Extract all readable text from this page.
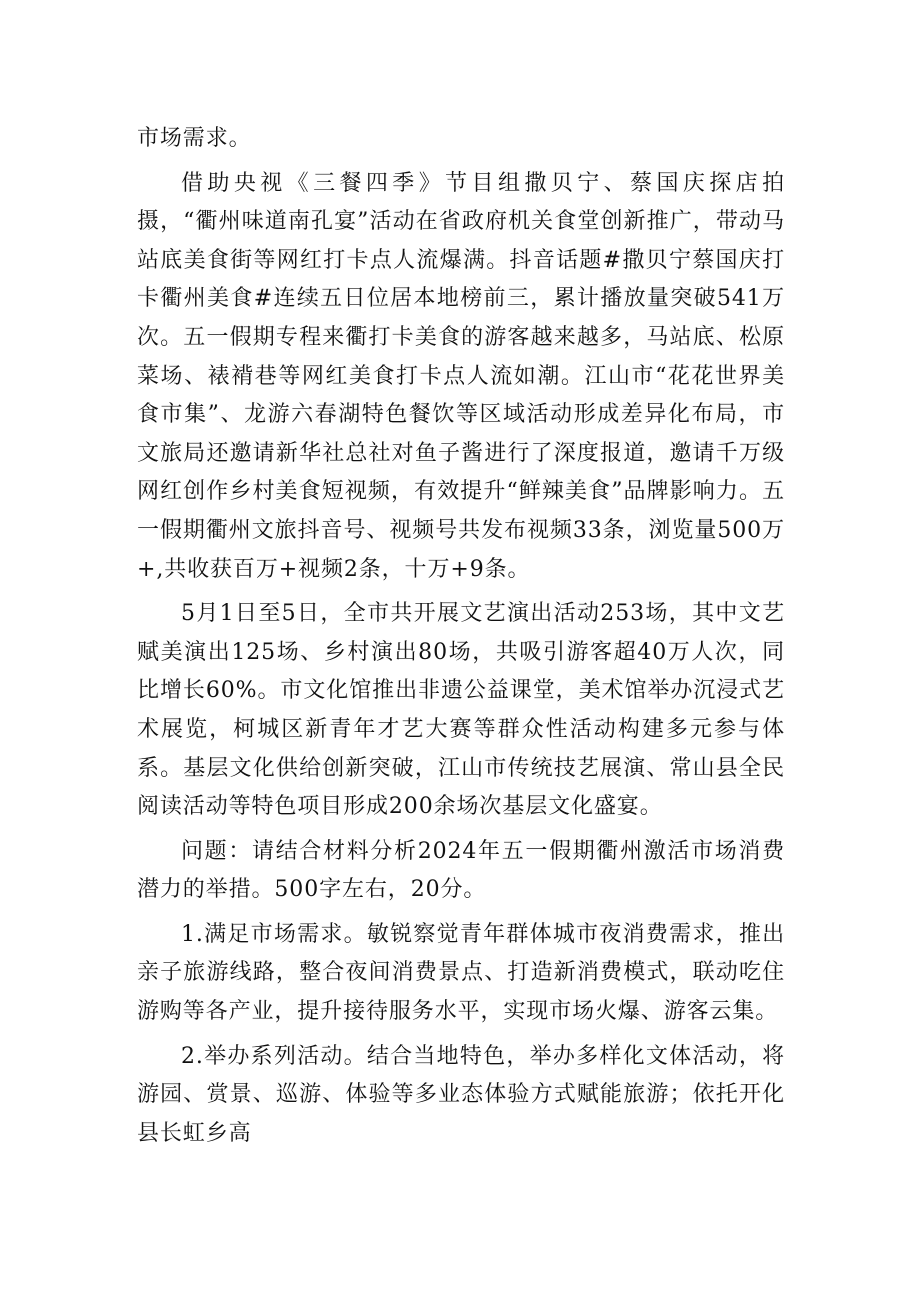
市场需求。

借助央视《三餐四季》节目组撒贝宁、蔡国庆探店拍摄，“衢州味道南孔宴”活动在省政府机关食堂创新推广，带动马站底美食街等网红打卡点人流爆满。抖音话题#撒贝宁蔡国庆打卡衢州美食#连续五日位居本地榜前三，累计播放量突破541万次。五一假期专程来衢打卡美食的游客越来越多，马站底、松原菜场、裱褙巷等网红美食打卡点人流如潮。江山市“花花世界美食市集”、龙游六春湖特色餐饮等区域活动形成差异化布局，市文旅局还邀请新华社总社对鱼子酱进行了深度报道，邀请千万级网红创作乡村美食短视频，有效提升“鲜辣美食”品牌影响力。五一假期衢州文旅抖音号、视频号共发布视频33条，浏览量500万+,共收获百万+视频2条，十万+9条。

5月1日至5日，全市共开展文艺演出活动253场，其中文艺赋美演出125场、乡村演出80场，共吸引游客超40万人次，同比增长60%。市文化馆推出非遗公益课堂，美术馆举办沉浸式艺术展览，柯城区新青年才艺大赛等群众性活动构建多元参与体系。基层文化供给创新突破，江山市传统技艺展演、常山县全民阅读活动等特色项目形成200余场次基层文化盛宴。

问题：请结合材料分析2024年五一假期衢州激活市场消费潜力的举措。500字左右，20分。

1.满足市场需求。敏锐察觉青年群体城市夜消费需求，推出亲子旅游线路，整合夜间消费景点、打造新消费模式，联动吃住游购等各产业，提升接待服务水平，实现市场火爆、游客云集。

2.举办系列活动。结合当地特色，举办多样化文体活动，将游园、赏景、巡游、体验等多业态体验方式赋能旅游；依托开化县长虹乡高
